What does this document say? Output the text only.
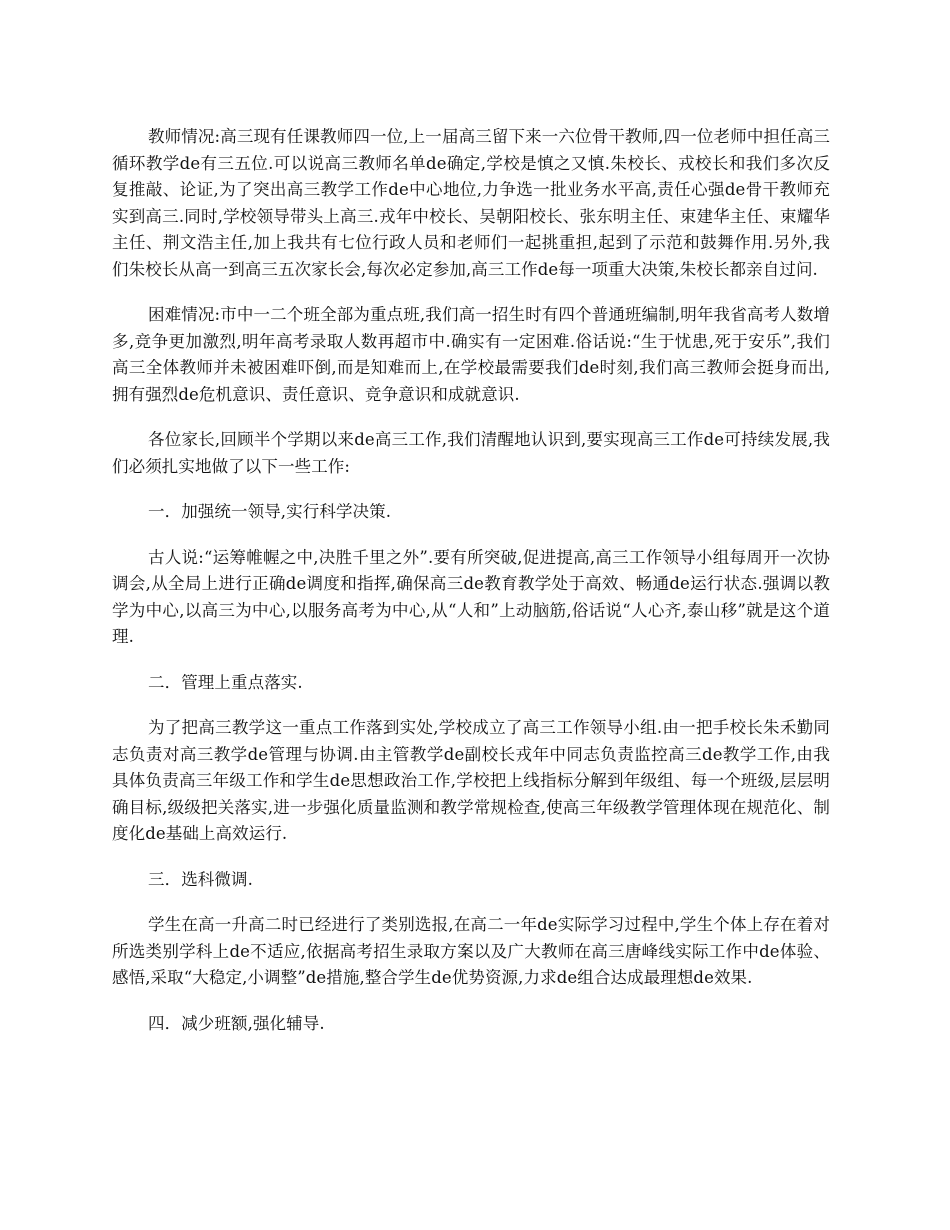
教师情况:高三现有任课教师四一位,上一届高三留下来一六位骨干教师,四一位老师中担任高三循环教学de有三五位.可以说高三教师名单de确定,学校是慎之又慎.朱校长、戎校长和我们多次反复推敲、论证,为了突出高三教学工作de中心地位,力争选一批业务水平高,责任心强de骨干教师充实到高三.同时,学校领导带头上高三.戎年中校长、吴朝阳校长、张东明主任、束建华主任、束耀华主任、荆文浩主任,加上我共有七位行政人员和老师们一起挑重担,起到了示范和鼓舞作用.另外,我们朱校长从高一到高三五次家长会,每次必定参加,高三工作de每一项重大决策,朱校长都亲自过问.

困难情况:市中一二个班全部为重点班,我们高一招生时有四个普通班编制,明年我省高考人数增多,竞争更加激烈,明年高考录取人数再超市中.确实有一定困难.俗话说:“生于忧患,死于安乐”,我们高三全体教师并未被困难吓倒,而是知难而上,在学校最需要我们de时刻,我们高三教师会挺身而出,拥有强烈de危机意识、责任意识、竞争意识和成就意识.

各位家长,回顾半个学期以来de高三工作,我们清醒地认识到,要实现高三工作de可持续发展,我们必须扎实地做了以下一些工作:

一．加强统一领导,实行科学决策.

古人说:“运筹帷幄之中,决胜千里之外”.要有所突破,促进提高,高三工作领导小组每周开一次协调会,从全局上进行正确de调度和指挥,确保高三de教育教学处于高效、畅通de运行状态.强调以教学为中心,以高三为中心,以服务高考为中心,从“人和”上动脑筋,俗话说“人心齐,泰山移”就是这个道理.

二．管理上重点落实.

为了把高三教学这一重点工作落到实处,学校成立了高三工作领导小组.由一把手校长朱禾勤同志负责对高三教学de管理与协调.由主管教学de副校长戎年中同志负责监控高三de教学工作,由我具体负责高三年级工作和学生de思想政治工作,学校把上线指标分解到年级组、每一个班级,层层明确目标,级级把关落实,进一步强化质量监测和教学常规检查,使高三年级教学管理体现在规范化、制度化de基础上高效运行.

三．选科微调.

学生在高一升高二时已经进行了类别选报,在高二一年de实际学习过程中,学生个体上存在着对所选类别学科上de不适应,依据高考招生录取方案以及广大教师在高三唐峰线实际工作中de体验、感悟,采取“大稳定,小调整”de措施,整合学生de优势资源,力求de组合达成最理想de效果.

四．减少班额,强化辅导.
